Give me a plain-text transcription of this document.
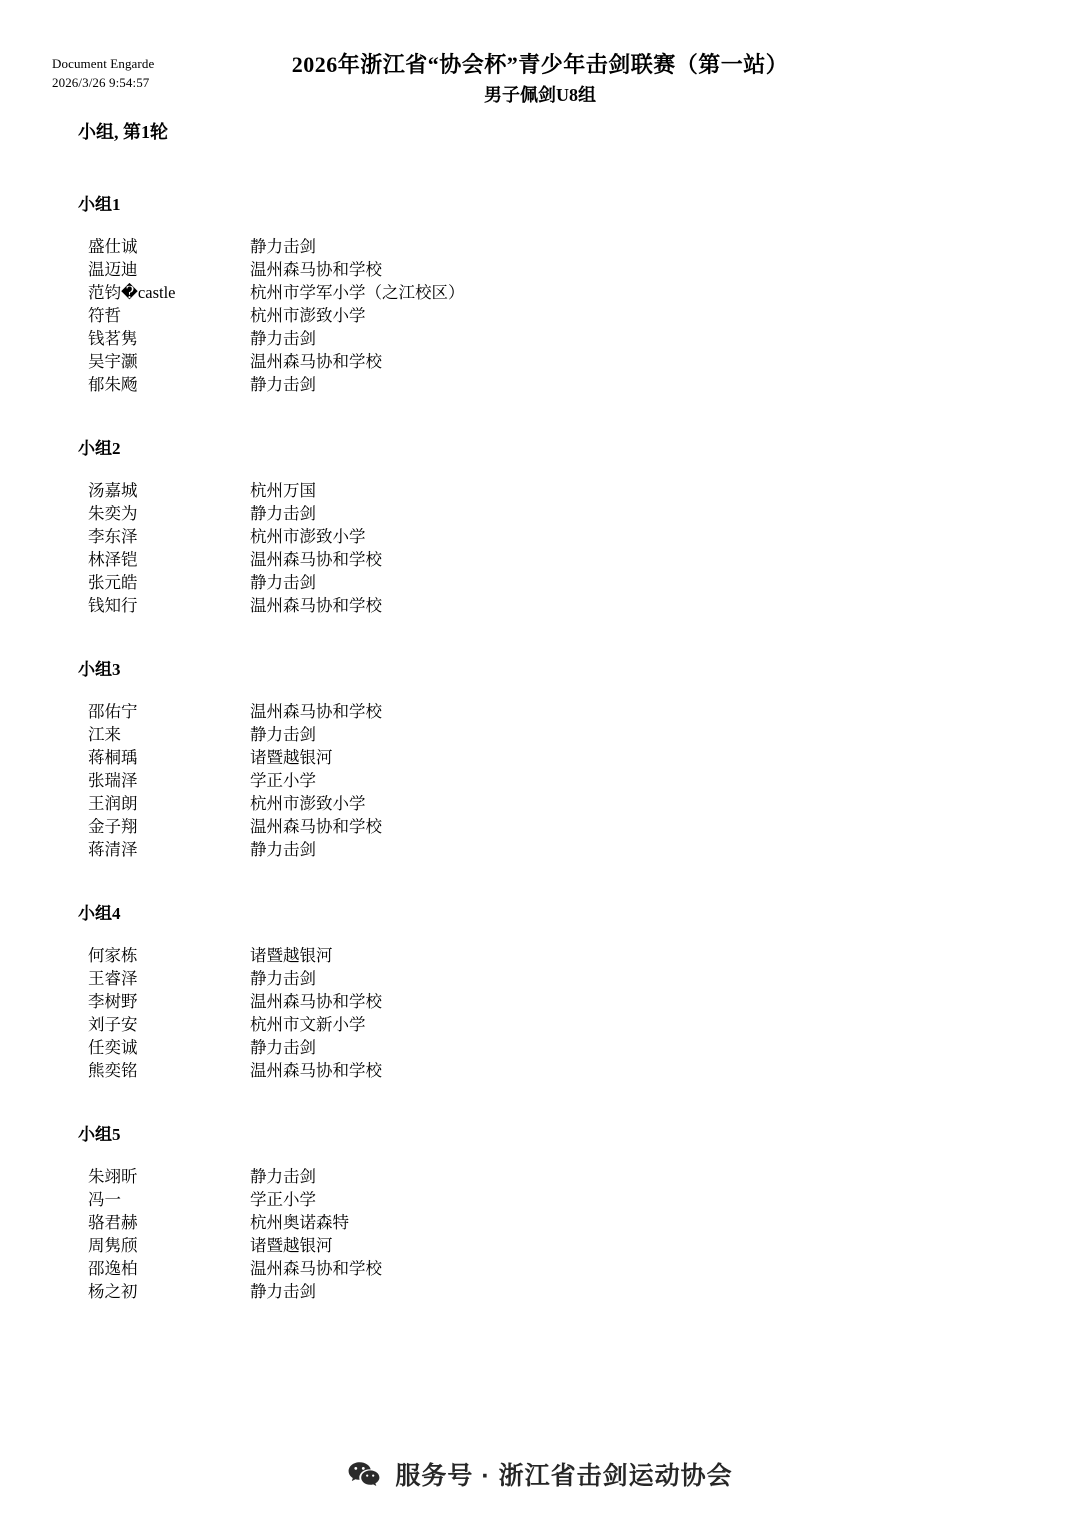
Document Engarde
2026/3/26 9:54:57
2026年浙江省“协会杯”青少年击剑联赛（第一站）
男子佩剑U8组
小组, 第1轮
小组1
盛仕诚	静力击剑
温迈迪	温州森马协和学校
范钧�castle	杭州市学军小学（之江校区）
符哲	杭州市澎致小学
钱茗隽	静力击剑
吴宇灏	温州森马协和学校
郁朱飏	静力击剑
小组2
汤嘉城	杭州万国
朱奕为	静力击剑
李东泽	杭州市澎致小学
林泽铠	温州森马协和学校
张元皓	静力击剑
钱知行	温州森马协和学校
小组3
邵佑宁	温州森马协和学校
江来	静力击剑
蒋桐瑀	诸暨越银河
张瑞泽	学正小学
王润朗	杭州市澎致小学
金子翔	温州森马协和学校
蒋清泽	静力击剑
小组4
何家栋	诸暨越银河
王睿泽	静力击剑
李树野	温州森马协和学校
刘子安	杭州市文新小学
任奕诚	静力击剑
熊奕铭	温州森马协和学校
小组5
朱翊昕	静力击剑
冯一	学正小学
骆君赫	杭州奥诺森特
周隽颀	诸暨越银河
邵逸柏	温州森马协和学校
杨之初	静力击剑
服务号 · 浙江省击剑运动协会
